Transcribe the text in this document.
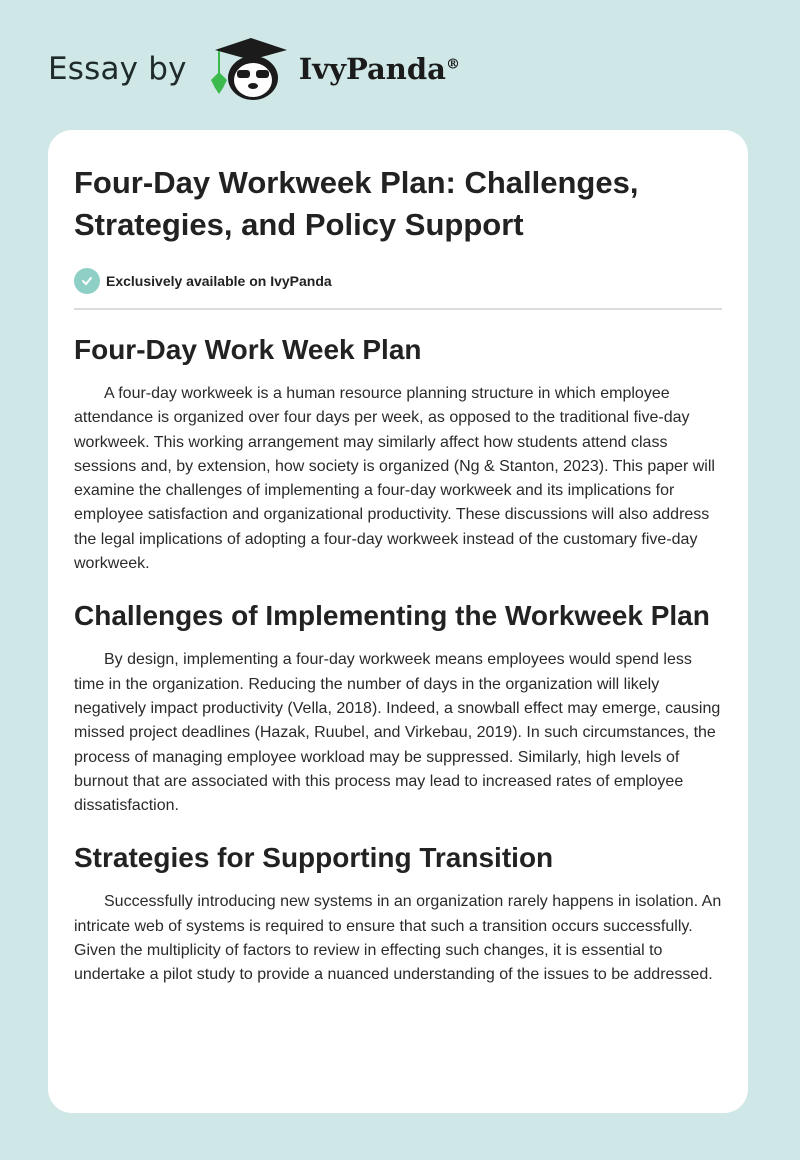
Essay by	IvyPanda®
Four-Day Workweek Plan: Challenges, Strategies, and Policy Support
Exclusively available on IvyPanda
Four-Day Work Week Plan

A four-day workweek is a human resource planning structure in which employee attendance is organized over four days per week, as opposed to the traditional five-day workweek. This working arrangement may similarly affect how students attend class sessions and, by extension, how society is organized (Ng & Stanton, 2023). This paper will examine the challenges of implementing a four-day workweek and its implications for employee satisfaction and organizational productivity. These discussions will also address the legal implications of adopting a four-day workweek instead of the customary five-day workweek.

Challenges of Implementing the Workweek Plan

By design, implementing a four-day workweek means employees would spend less time in the organization. Reducing the number of days in the organization will likely negatively impact productivity (Vella, 2018). Indeed, a snowball effect may emerge, causing missed project deadlines (Hazak, Ruubel, and Virkebau, 2019). In such circumstances, the process of managing employee workload may be suppressed. Similarly, high levels of burnout that are associated with this process may lead to increased rates of employee dissatisfaction.

Strategies for Supporting Transition

Successfully introducing new systems in an organization rarely happens in isolation. An intricate web of systems is required to ensure that such a transition occurs successfully. Given the multiplicity of factors to review in effecting such changes, it is essential to undertake a pilot study to provide a nuanced understanding of the issues to be addressed.
